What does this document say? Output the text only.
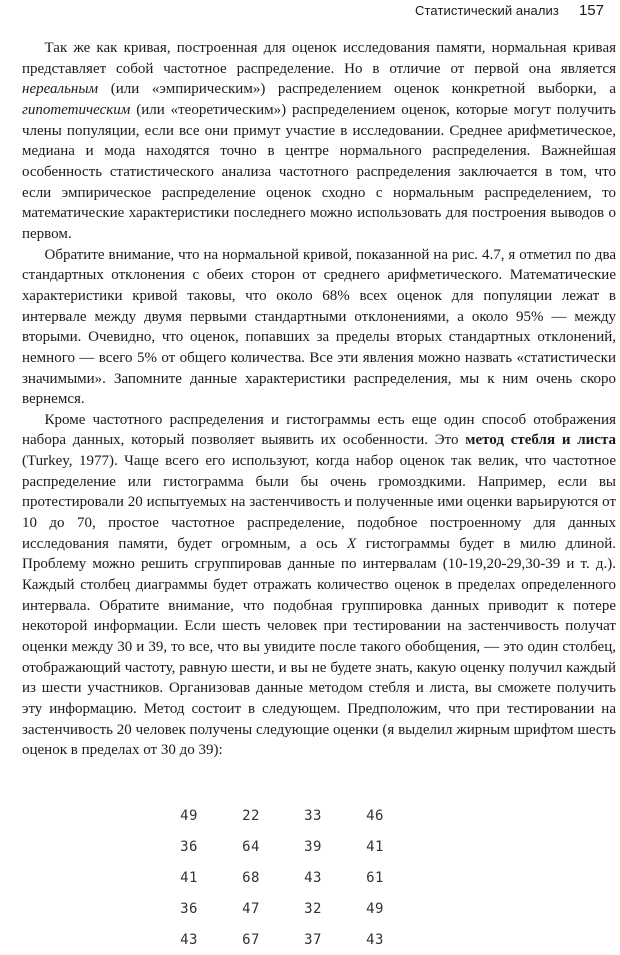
Статистический анализ 157

Так же как кривая, построенная для оценок исследования памяти, нормальная кривая представляет собой частотное распределение. Но в отличие от первой она является нереальным (или «эмпирическим») распределением оценок конкретной выборки, а гипотетическим (или «теоретическим») распределением оценок, которые могут получить члены популяции, если все они примут участие в исследовании. Среднее арифметическое, медиана и мода находятся точно в центре нормального распределения. Важнейшая особенность статистического анализа частотного распределения заключается в том, что если эмпирическое распределение оценок сходно с нормальным распределением, то математические характеристики последнего можно использовать для построения выводов о первом.

Обратите внимание, что на нормальной кривой, показанной на рис. 4.7, я отметил по два стандартных отклонения с обеих сторон от среднего арифметического. Математические характеристики кривой таковы, что около 68% всех оценок для популяции лежат в интервале между двумя первыми стандартными отклонениями, а около 95% — между вторыми. Очевидно, что оценок, попавших за пределы вторых стандартных отклонений, немного — всего 5% от общего количества. Все эти явления можно назвать «статистически значимыми». Запомните данные характеристики распределения, мы к ним очень скоро вернемся.

Кроме частотного распределения и гистограммы есть еще один способ отображения набора данных, который позволяет выявить их особенности. Это метод стебля и листа (Turkey, 1977). Чаще всего его используют, когда набор оценок так велик, что частотное распределение или гистограмма были бы очень громоздкими. Например, если вы протестировали 20 испытуемых на застенчивость и полученные ими оценки варьируются от 10 до 70, простое частотное распределение, подобное построенному для данных исследования памяти, будет огромным, а ось X гистограммы будет в милю длиной. Проблему можно решить сгруппировав данные по интервалам (10-19,20-29,30-39 и т. д.). Каждый столбец диаграммы будет отражать количество оценок в пределах определенного интервала. Обратите внимание, что подобная группировка данных приводит к потере некоторой информации. Если шесть человек при тестировании на застенчивость получат оценки между 30 и 39, то все, что вы увидите после такого обобщения, — это один столбец, отображающий частоту, равную шести, и вы не будете знать, какую оценку получил каждый из шести участников. Организовав данные методом стебля и листа, вы сможете получить эту информацию. Метод состоит в следующем. Предположим, что при тестировании на застенчивость 20 человек получены следующие оценки (я выделил жирным шрифтом шесть оценок в пределах от 30 до 39):

49	22	33	46
36	64	39	41
41	68	43	61
36	47	32	49
43	67	37	43
